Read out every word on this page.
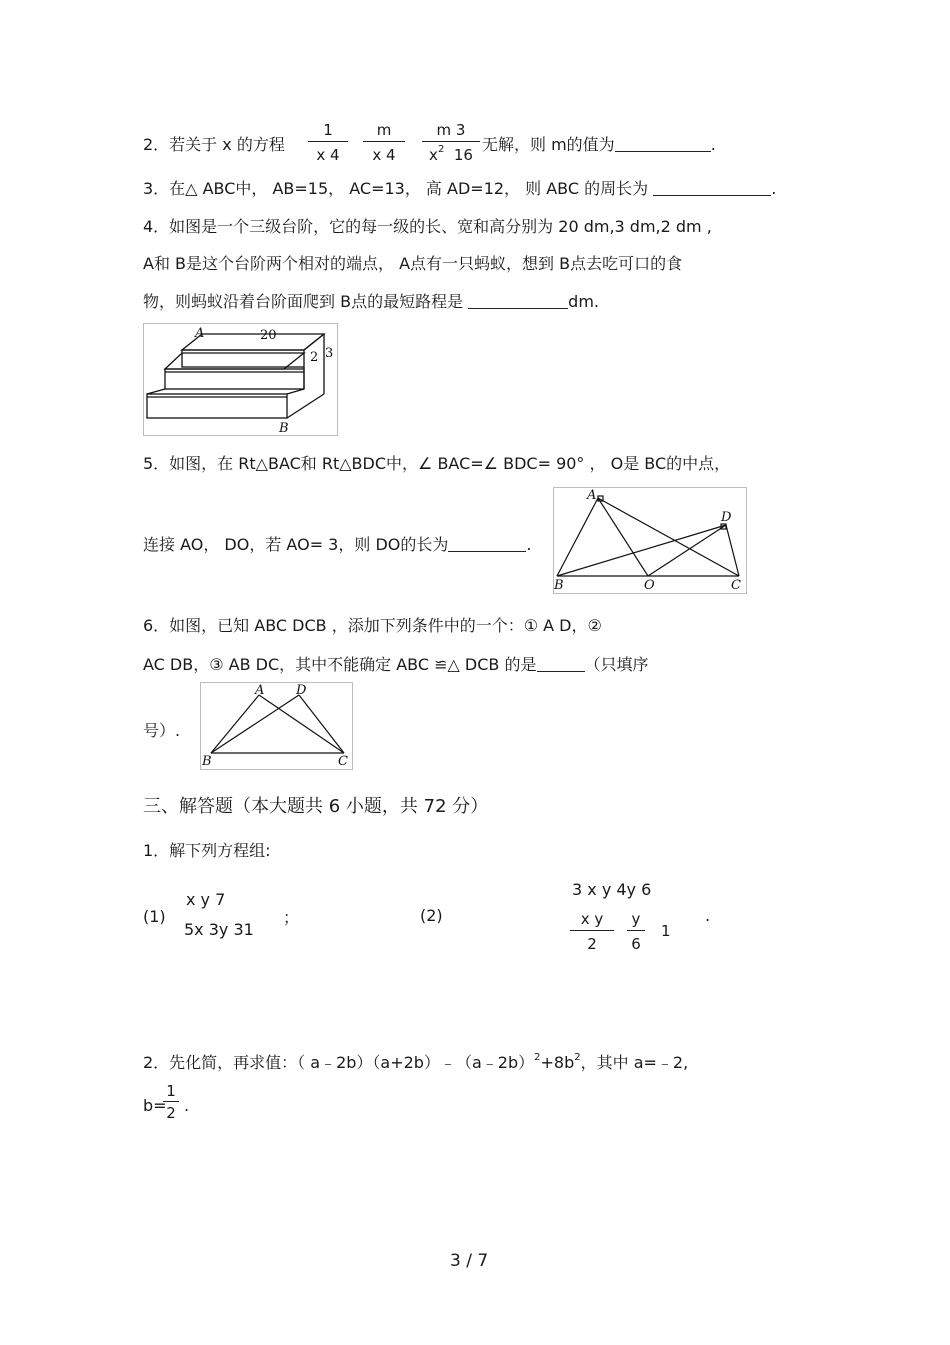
2．若关于 x 的方程
1
x 4
m
x 4
m 3
$x^2$ 16
无解，则 m的值为	.
3．在△ ABC中， AB=15， AC=13， 高 AD=12， 则 ABC 的周长为	.
4．如图是一个三级台阶，它的每一级的长、宽和高分别为 20 dm,3 dm,2 dm ,
A和 B是这个台阶两个相对的端点， A点有一只蚂蚁，想到 B点去吃可口的食
物，则蚂蚁沿着台阶面爬到 B点的最短路程是	dm.
A	20
2 3
B
5．如图，在 Rt△BAC和 Rt△BDC中，∠ BAC=∠ BDC= 90° ， O是 BC的中点，
连接 AO， DO，若 AO= 3，则 DO的长为	.
A
D
B	O	C
6．如图，已知 ABC DCB ，添加下列条件中的一个：① A D，②
AC DB，③ AB DC，其中不能确定 ABC ≌△ DCB 的是	（只填序
号）.
A D
B	C
三、解答题（本大题共 6 小题，共 72 分）
1．解下列方程组:
(1)
x y 7
5x 3y 31
；	(2)
3 x y 4y 6
x y
2
y
6
1
.
2．先化简，再求值：（ $a﹣2b)(a+2b)﹣(a﹣2b)^2+8b^2$，其中 a=﹣2,
b=
1
2 .
3 / 7
